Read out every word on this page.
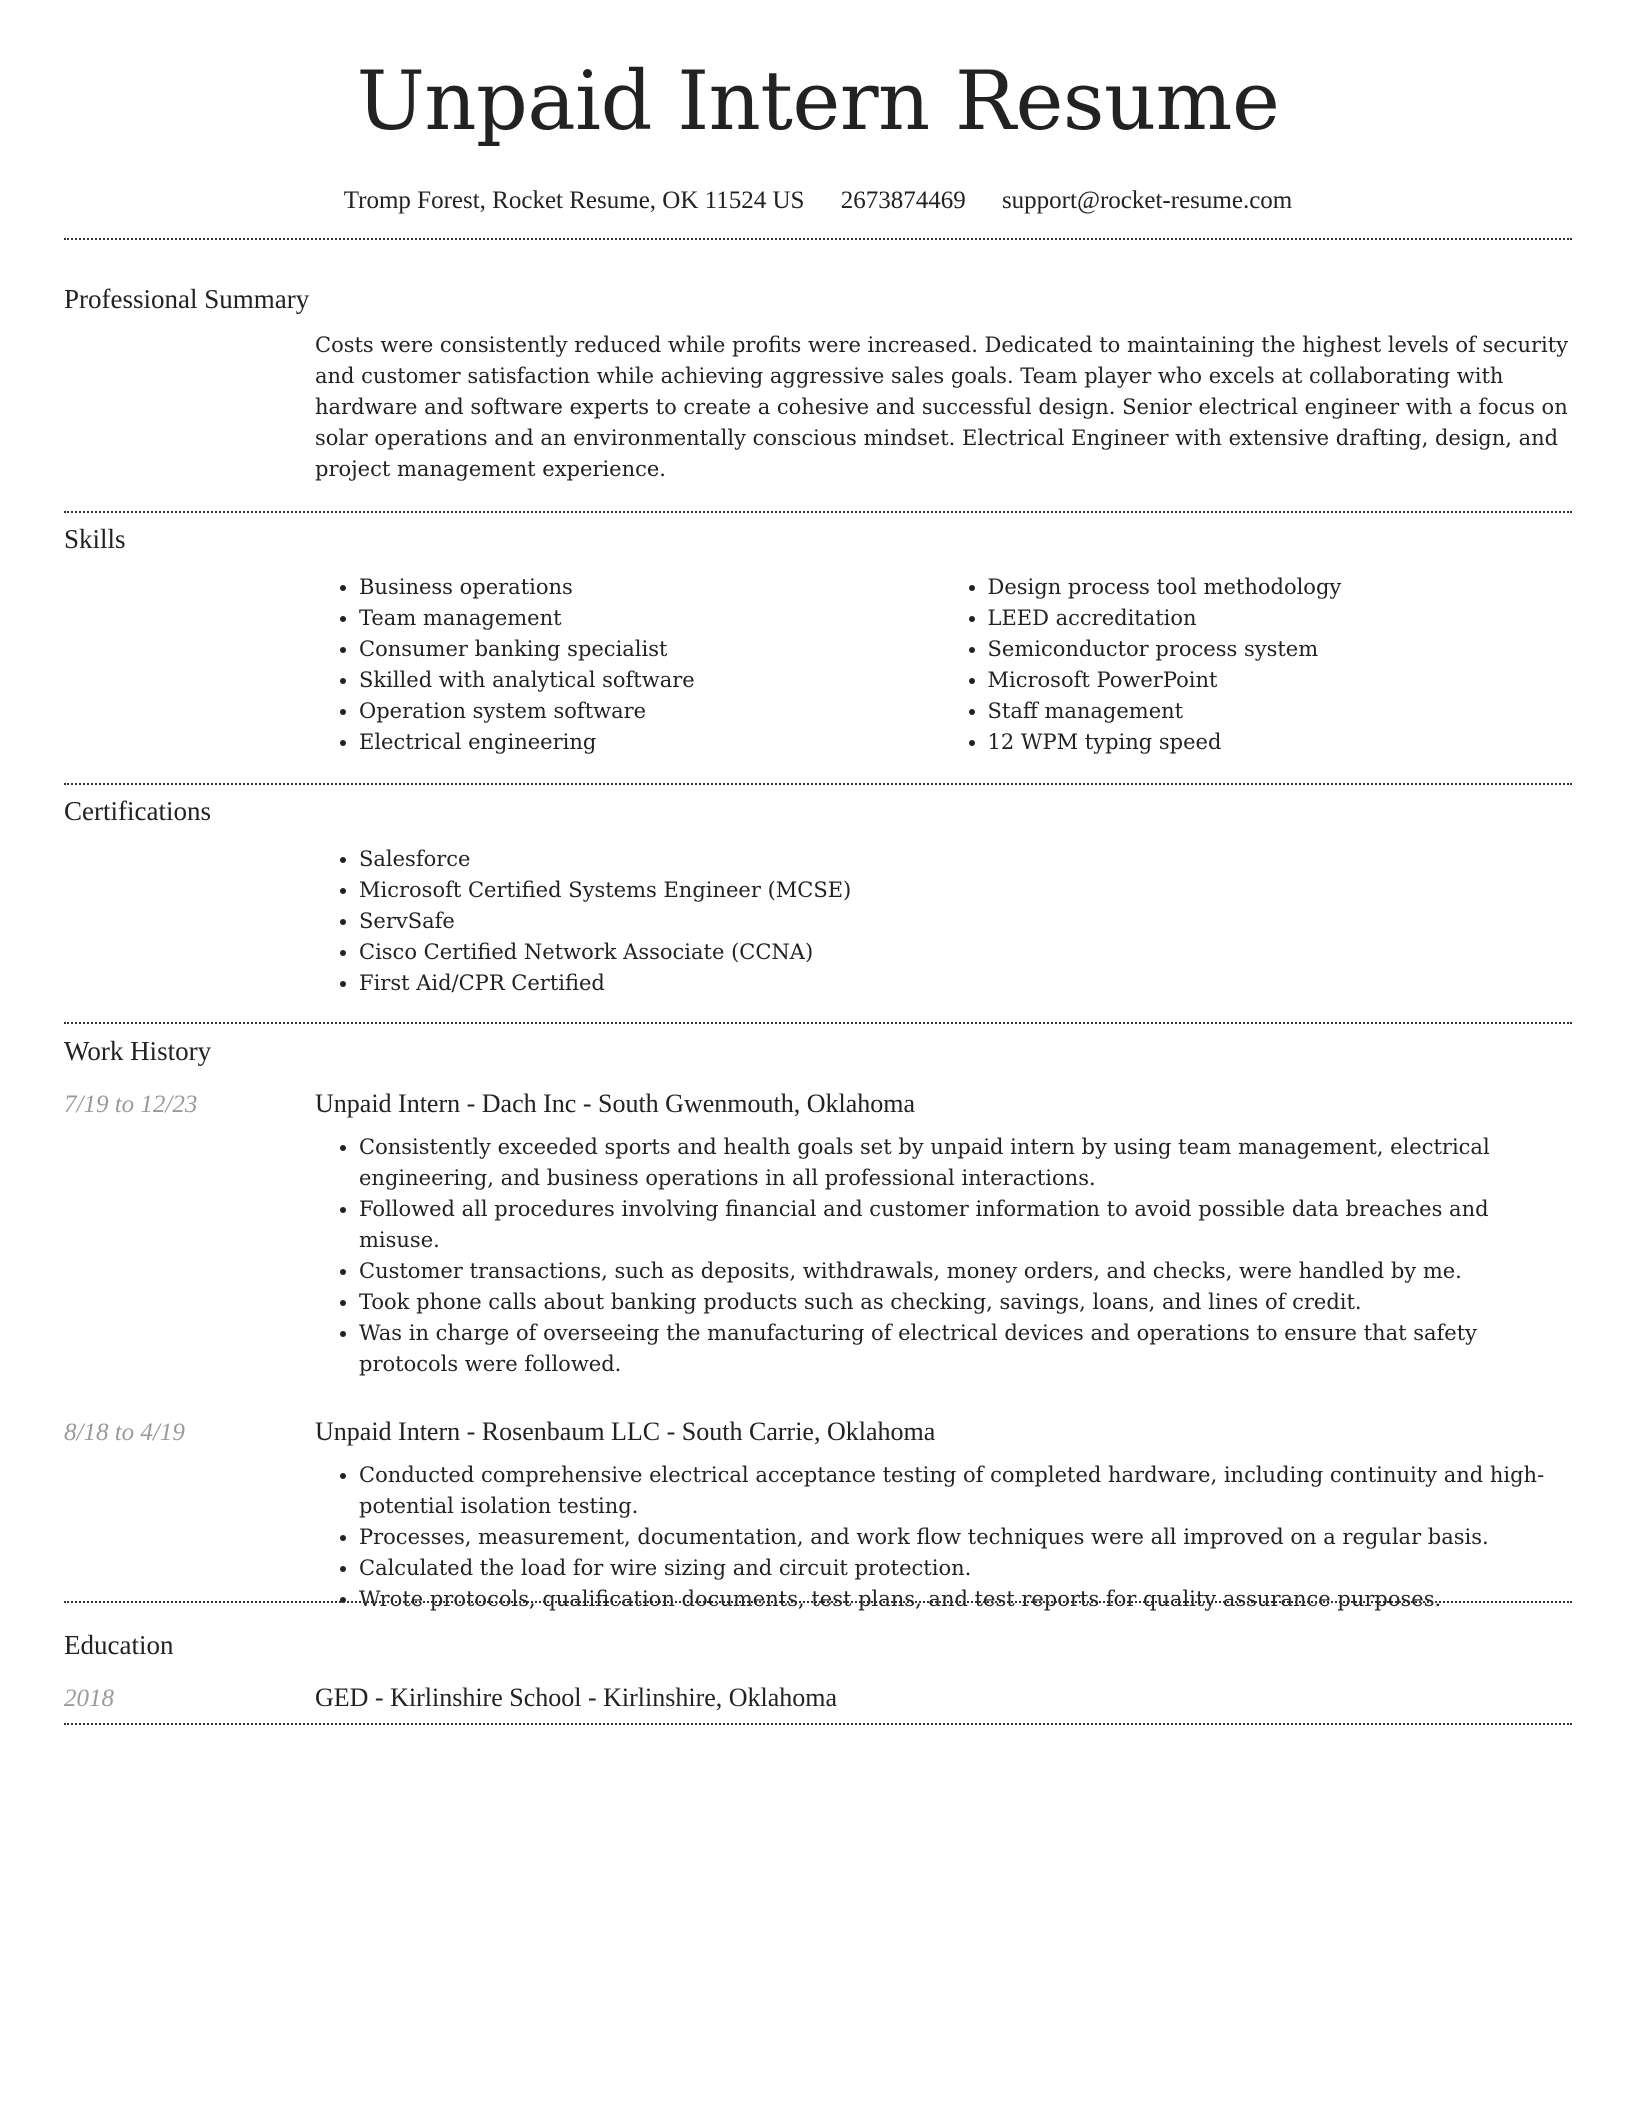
Unpaid Intern Resume
Tromp Forest, Rocket Resume, OK 11524 US 2673874469 support@rocket-resume.com
Professional Summary

Costs were consistently reduced while profits were increased. Dedicated to maintaining the highest levels of security and customer satisfaction while achieving aggressive sales goals. Team player who excels at collaborating with hardware and software experts to create a cohesive and successful design. Senior electrical engineer with a focus on solar operations and an environmentally conscious mindset. Electrical Engineer with extensive drafting, design, and project management experience.

Skills
• Business operations
• Team management
• Consumer banking specialist
• Skilled with analytical software
• Operation system software
• Electrical engineering
• Design process tool methodology
• LEED accreditation
• Semiconductor process system
• Microsoft PowerPoint
• Staff management
• 12 WPM typing speed
Certifications
• Salesforce
• Microsoft Certified Systems Engineer (MCSE)
• ServSafe
• Cisco Certified Network Associate (CCNA)
• First Aid/CPR Certified
Work History
7/19 to 12/23	Unpaid Intern - Dach Inc - South Gwenmouth, Oklahoma
• Consistently exceeded sports and health goals set by unpaid intern by using team management, electrical engineering, and business operations in all professional interactions.
• Followed all procedures involving financial and customer information to avoid possible data breaches and misuse.
• Customer transactions, such as deposits, withdrawals, money orders, and checks, were handled by me.
• Took phone calls about banking products such as checking, savings, loans, and lines of credit.
• Was in charge of overseeing the manufacturing of electrical devices and operations to ensure that safety protocols were followed.
8/18 to 4/19	Unpaid Intern - Rosenbaum LLC - South Carrie, Oklahoma
• Conducted comprehensive electrical acceptance testing of completed hardware, including continuity and high-potential isolation testing.
• Processes, measurement, documentation, and work flow techniques were all improved on a regular basis.
• Calculated the load for wire sizing and circuit protection.
• Wrote protocols, qualification documents, test plans, and test reports for quality assurance purposes.
Education
2018	GED - Kirlinshire School - Kirlinshire, Oklahoma
